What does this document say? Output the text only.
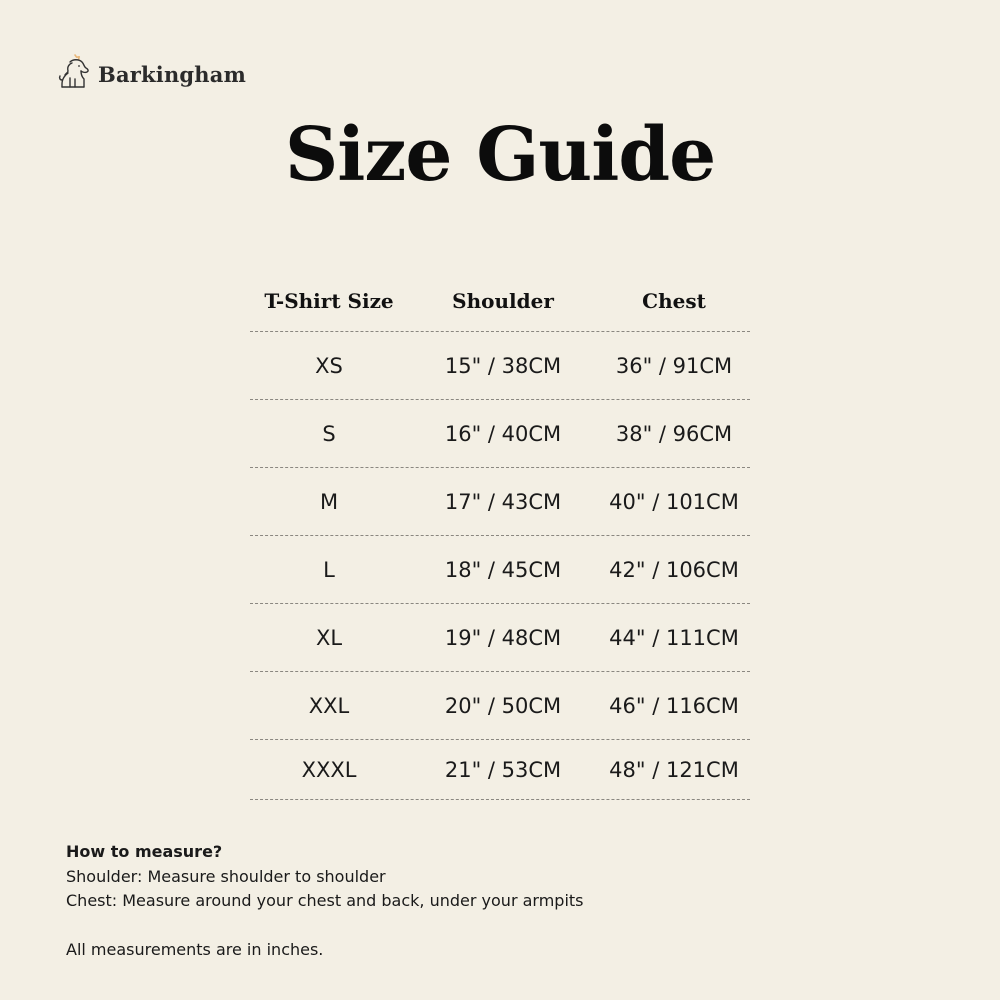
Barkingham
Size Guide
T-Shirt Size	Shoulder	Chest
XS	15" / 38CM	36" / 91CM
S	16" / 40CM	38" / 96CM
M	17" / 43CM	40" / 101CM
L	18" / 45CM	42" / 106CM
XL	19" / 48CM	44" / 111CM
XXL	20" / 50CM	46" / 116CM
XXXL	21" / 53CM	48" / 121CM
How to measure?
Shoulder: Measure shoulder to shoulder
Chest: Measure around your chest and back, under your armpits
All measurements are in inches.
